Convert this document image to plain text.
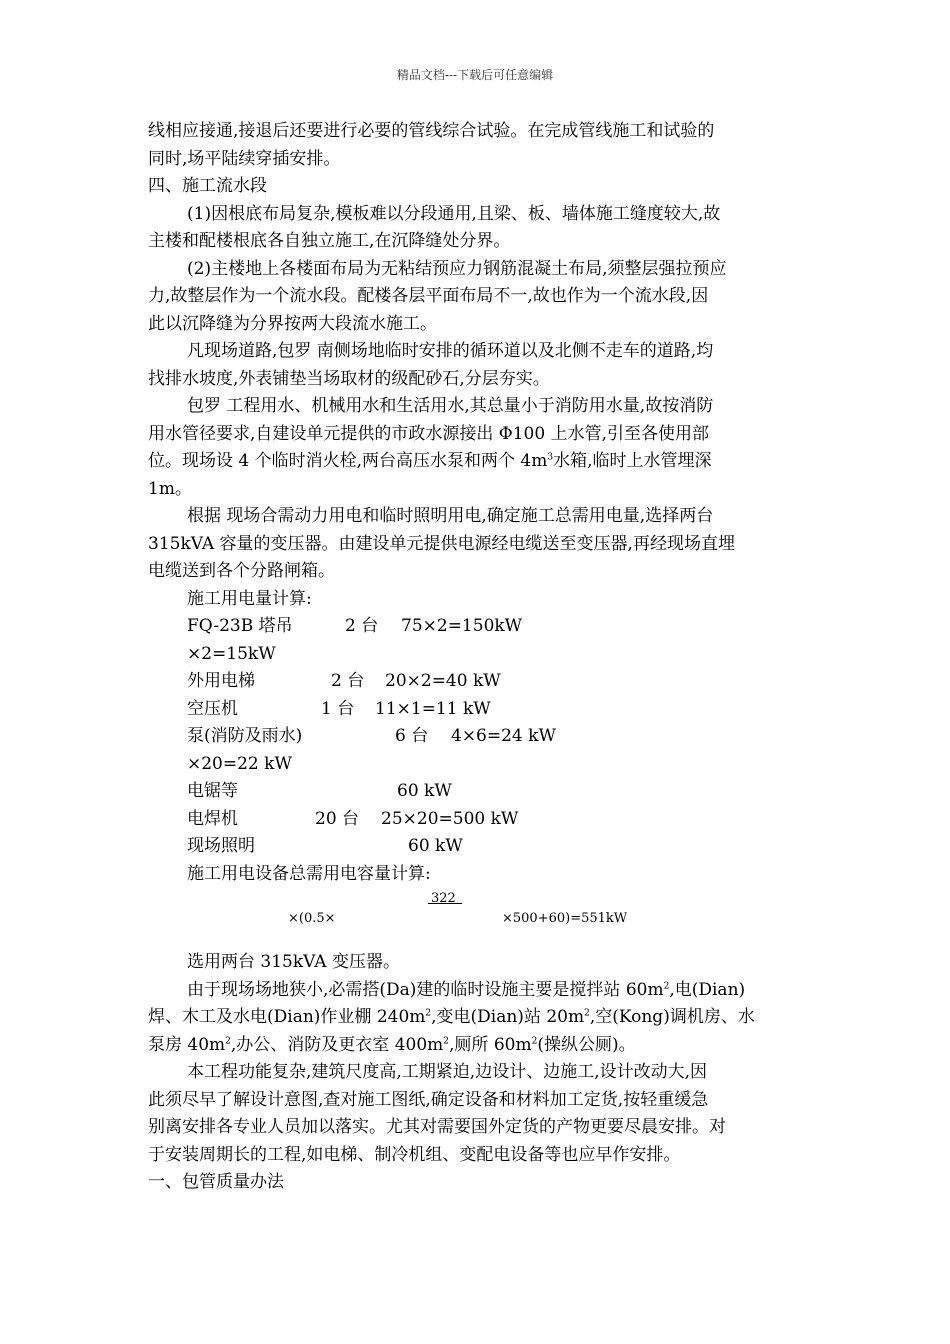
精品文档---下载后可任意编辑

线相应接通,接退后还要进行必要的管线综合试验。在完成管线施工和试验的

同时,场平陆续穿插安排。

四、施工流水段

(1)因根底布局复杂,模板难以分段通用,且梁、板、墙体施工缝度较大,故

主楼和配楼根底各自独立施工,在沉降缝处分界。

(2)主楼地上各楼面布局为无粘结预应力钢筋混凝土布局,须整层强拉预应

力,故整层作为一个流水段。配楼各层平面布局不一,故也作为一个流水段,因

此以沉降缝为分界按两大段流水施工。

凡现场道路,包罗 南侧场地临时安排的循环道以及北侧不走车的道路,均

找排水坡度,外表铺垫当场取材的级配砂石,分层夯实。

包罗 工程用水、机械用水和生活用水,其总量小于消防用水量,故按消防

用水管径要求,自建设单元提供的市政水源接出 Φ100 上水管,引至各使用部

位。现场设 4 个临时消火栓,两台高压水泵和两个 $4m^3$水箱,临时上水管埋深

1m。

根据 现场合需动力用电和临时照明用电,确定施工总需用电量,选择两台

315kVA 容量的变压器。由建设单元提供电源经电缆送至变压器,再经现场直埋

电缆送到各个分路闸箱。

施工用电量计算:

FQ-23B 塔吊	2 台 75×2=150kW
×2=15kW
外用电梯	2 台 20×2=40 kW
空压机	1 台 11×1=11 kW
泵(消防及雨水)	6 台 4×6=24 kW
×20=22 kW
电锯等	60 kW
电焊机	20 台 25×20=500 kW
现场照明	60 kW

施工用电设备总需用电容量计算:

×(0.5×
322
×500+60)=551kW

选用两台 315kVA 变压器。

由于现场场地狭小,必需搭(Da)建的临时设施主要是搅拌站 $60m^2$,电(Dian)

焊、木工及水电(Dian)作业棚 $240m^2$,变电(Dian)站 $20m^2$,空(Kong)调机房、水

泵房 $40m^2$,办公、消防及更衣室 $400m^2$,厕所 $60m^2$(操纵公厕)。

本工程功能复杂,建筑尺度高,工期紧迫,边设计、边施工,设计改动大,因

此须尽早了解设计意图,查对施工图纸,确定设备和材料加工定货,按轻重缓急

别离安排各专业人员加以落实。尤其对需要国外定货的产物更要尽晨安排。对

于安装周期长的工程,如电梯、制冷机组、变配电设备等也应早作安排。

一、包管质量办法
